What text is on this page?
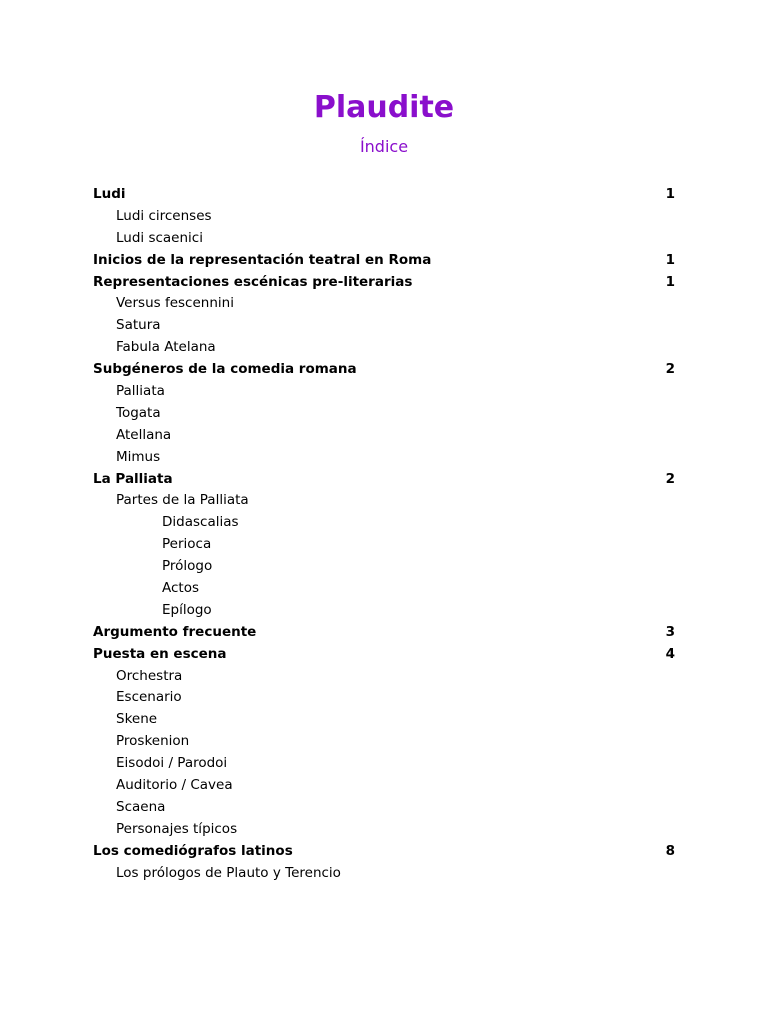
Plaudite
Índice
Ludi	1
Ludi circenses
Ludi scaenici
Inicios de la representación teatral en Roma	1
Representaciones escénicas pre-literarias	1
Versus fescennini
Satura
Fabula Atelana
Subgéneros de la comedia romana	2
Palliata
Togata
Atellana
Mimus
La Palliata	2
Partes de la Palliata
Didascalias
Perioca
Prólogo
Actos
Epílogo
Argumento frecuente	3
Puesta en escena	4
Orchestra
Escenario
Skene
Proskenion
Eisodoi / Parodoi
Auditorio / Cavea
Scaena
Personajes típicos
Los comediógrafos latinos	8
Los prólogos de Plauto y Terencio
